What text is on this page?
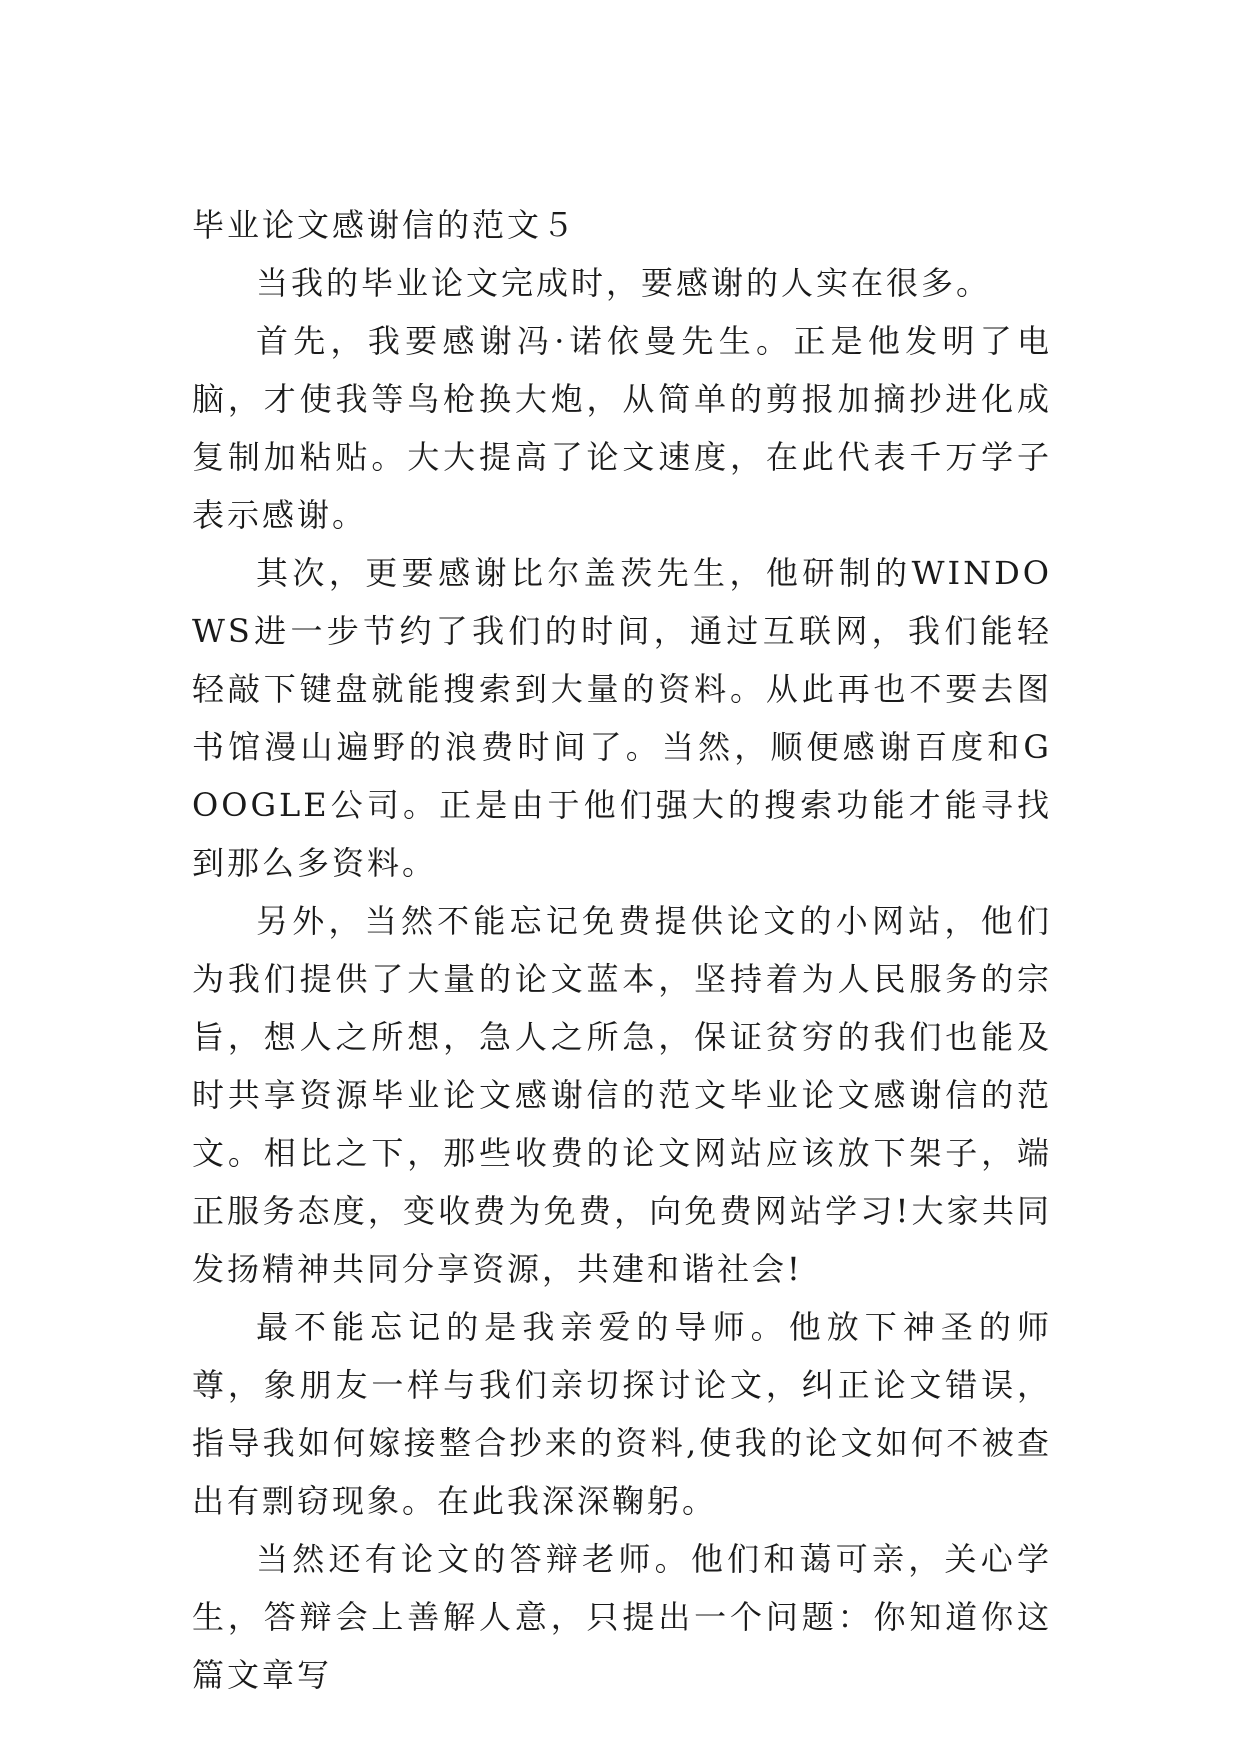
毕业论文感谢信的范文５

当我的毕业论文完成时，要感谢的人实在很多。

首先，我要感谢冯·诺依曼先生。正是他发明了电脑，才使我等鸟枪换大炮，从简单的剪报加摘抄进化成复制加粘贴。大大提高了论文速度，在此代表千万学子表示感谢。

其次，更要感谢比尔盖茨先生，他研制的WINDOWS进一步节约了我们的时间，通过互联网，我们能轻轻敲下键盘就能搜索到大量的资料。从此再也不要去图书馆漫山遍野的浪费时间了。当然，顺便感谢百度和GOOGLE公司。正是由于他们强大的搜索功能才能寻找到那么多资料。

另外，当然不能忘记免费提供论文的小网站，他们为我们提供了大量的论文蓝本，坚持着为人民服务的宗旨，想人之所想，急人之所急，保证贫穷的我们也能及时共享资源毕业论文感谢信的范文毕业论文感谢信的范文。相比之下，那些收费的论文网站应该放下架子，端正服务态度，变收费为免费，向免费网站学习!大家共同发扬精神共同分享资源，共建和谐社会!

最不能忘记的是我亲爱的导师。他放下神圣的师尊，象朋友一样与我们亲切探讨论文，纠正论文错误，指导我如何嫁接整合抄来的资料,使我的论文如何不被查出有剽窃现象。在此我深深鞠躬。

当然还有论文的答辩老师。他们和蔼可亲，关心学生，答辩会上善解人意，只提出一个问题：你知道你这篇文章写
